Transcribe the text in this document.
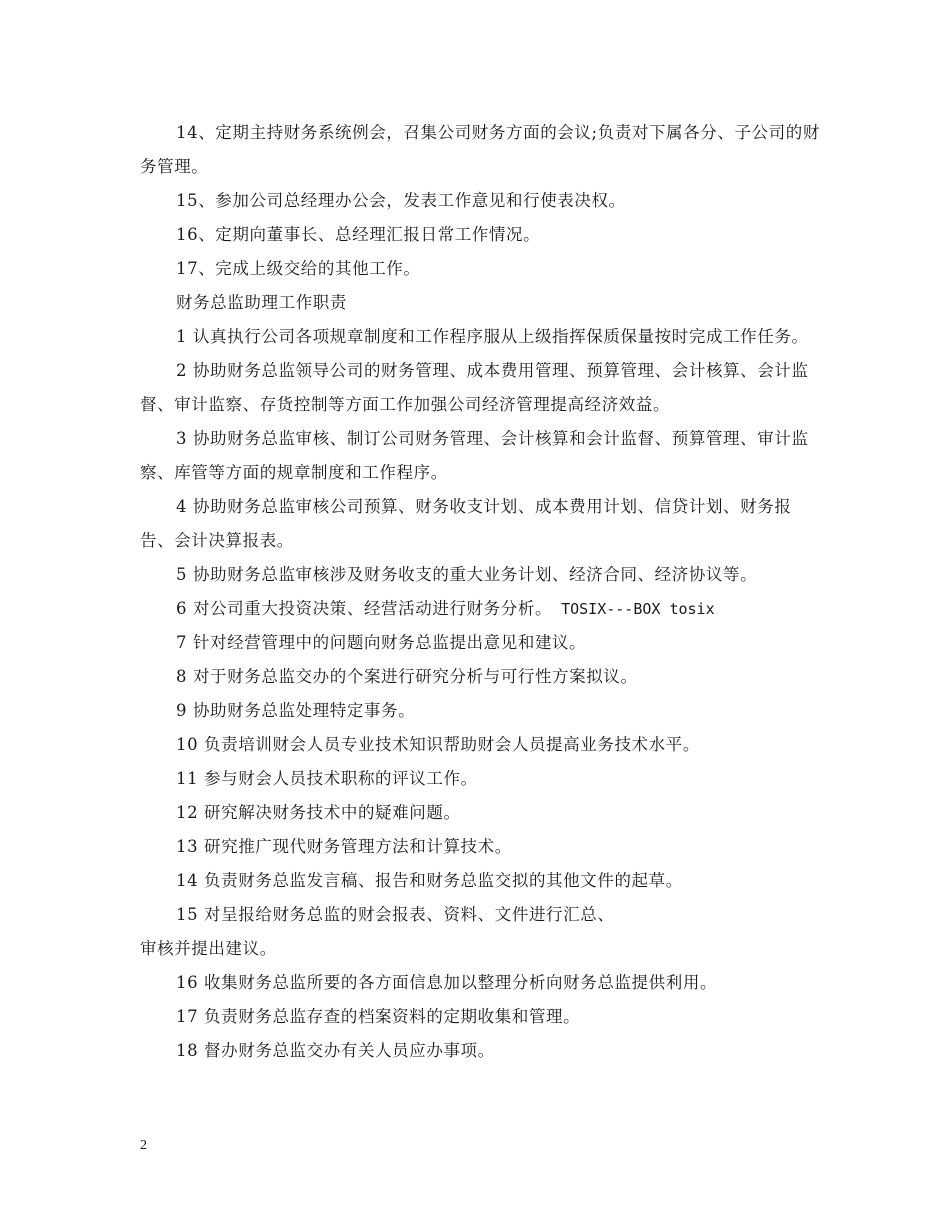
14、定期主持财务系统例会，召集公司财务方面的会议;负责对下属各分、子公司的财务管理。

15、参加公司总经理办公会，发表工作意见和行使表决权。

16、定期向董事长、总经理汇报日常工作情况。

17、完成上级交给的其他工作。

财务总监助理工作职责

1 认真执行公司各项规章制度和工作程序服从上级指挥保质保量按时完成工作任务。

2 协助财务总监领导公司的财务管理、成本费用管理、预算管理、会计核算、会计监督、审计监察、存货控制等方面工作加强公司经济管理提高经济效益。

3 协助财务总监审核、制订公司财务管理、会计核算和会计监督、预算管理、审计监察、库管等方面的规章制度和工作程序。

4 协助财务总监审核公司预算、财务收支计划、成本费用计划、信贷计划、财务报告、会计决算报表。

5 协助财务总监审核涉及财务收支的重大业务计划、经济合同、经济协议等。

6 对公司重大投资决策、经营活动进行财务分析。 TOSIX---BOX tosix

7 针对经营管理中的问题向财务总监提出意见和建议。

8 对于财务总监交办的个案进行研究分析与可行性方案拟议。

9 协助财务总监处理特定事务。

10 负责培训财会人员专业技术知识帮助财会人员提高业务技术水平。

11 参与财会人员技术职称的评议工作。

12 研究解决财务技术中的疑难问题。

13 研究推广现代财务管理方法和计算技术。

14 负责财务总监发言稿、报告和财务总监交拟的其他文件的起草。

15 对呈报给财务总监的财会报表、资料、文件进行汇总、

审核并提出建议。

16 收集财务总监所要的各方面信息加以整理分析向财务总监提供利用。

17 负责财务总监存查的档案资料的定期收集和管理。

18 督办财务总监交办有关人员应办事项。

2
